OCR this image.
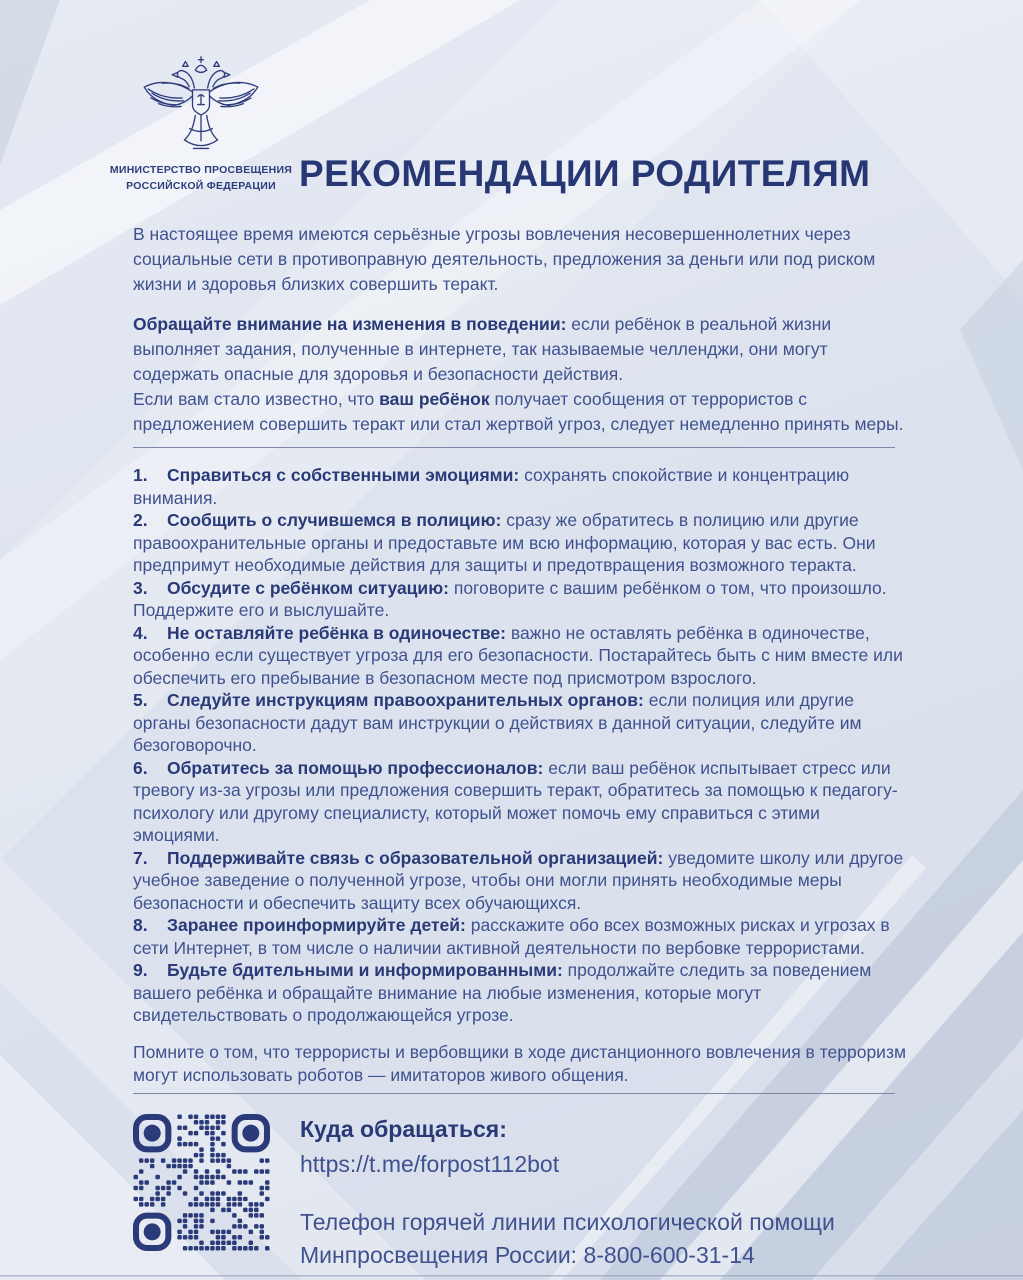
МИНИСТЕРСТВО ПРОСВЕЩЕНИЯ
РОССИЙСКОЙ ФЕДЕРАЦИИ РЕКОМЕНДАЦИИ РОДИТЕЛЯМ

В настоящее время имеются серьёзные угрозы вовлечения несовершеннолетних через социальные сети в противоправную деятельность, предложения за деньги или под риском жизни и здоровья близких совершить теракт.

Обращайте внимание на изменения в поведении: если ребёнок в реальной жизни выполняет задания, полученные в интернете, так называемые челленджи, они могут содержать опасные для здоровья и безопасности действия.
Если вам стало известно, что ваш ребёнок получает сообщения от террористов с предложением совершить теракт или стал жертвой угроз, следует немедленно принять меры.

1. Справиться с собственными эмоциями: сохранять спокойствие и концентрацию внимания.

2. Сообщить о случившемся в полицию: сразу же обратитесь в полицию или другие правоохранительные органы и предоставьте им всю информацию, которая у вас есть. Они предпримут необходимые действия для защиты и предотвращения возможного теракта.

3. Обсудите с ребёнком ситуацию: поговорите с вашим ребёнком о том, что произошло. Поддержите его и выслушайте.

4. Не оставляйте ребёнка в одиночестве: важно не оставлять ребёнка в одиночестве, особенно если существует угроза для его безопасности. Постарайтесь быть с ним вместе или обеспечить его пребывание в безопасном месте под присмотром взрослого.

5. Следуйте инструкциям правоохранительных органов: если полиция или другие органы безопасности дадут вам инструкции о действиях в данной ситуации, следуйте им безоговорочно.

6. Обратитесь за помощью профессионалов: если ваш ребёнок испытывает стресс или тревогу из-за угрозы или предложения совершить теракт, обратитесь за помощью к педагогу-психологу или другому специалисту, который может помочь ему справиться с этими эмоциями.

7. Поддерживайте связь с образовательной организацией: уведомите школу или другое учебное заведение о полученной угрозе, чтобы они могли принять необходимые меры безопасности и обеспечить защиту всех обучающихся.

8. Заранее проинформируйте детей: расскажите обо всех возможных рисках и угрозах в сети Интернет, в том числе о наличии активной деятельности по вербовке террористами.

9. Будьте бдительными и информированными: продолжайте следить за поведением вашего ребёнка и обращайте внимание на любые изменения, которые могут свидетельствовать о продолжающейся угрозе.

Помните о том, что террористы и вербовщики в ходе дистанционного вовлечения в терроризм могут использовать роботов — имитаторов живого общения.

Куда обращаться:
https://t.me/forpost112bot
Телефон горячей линии психологической помощи
Минпросвещения России: 8-800-600-31-14
